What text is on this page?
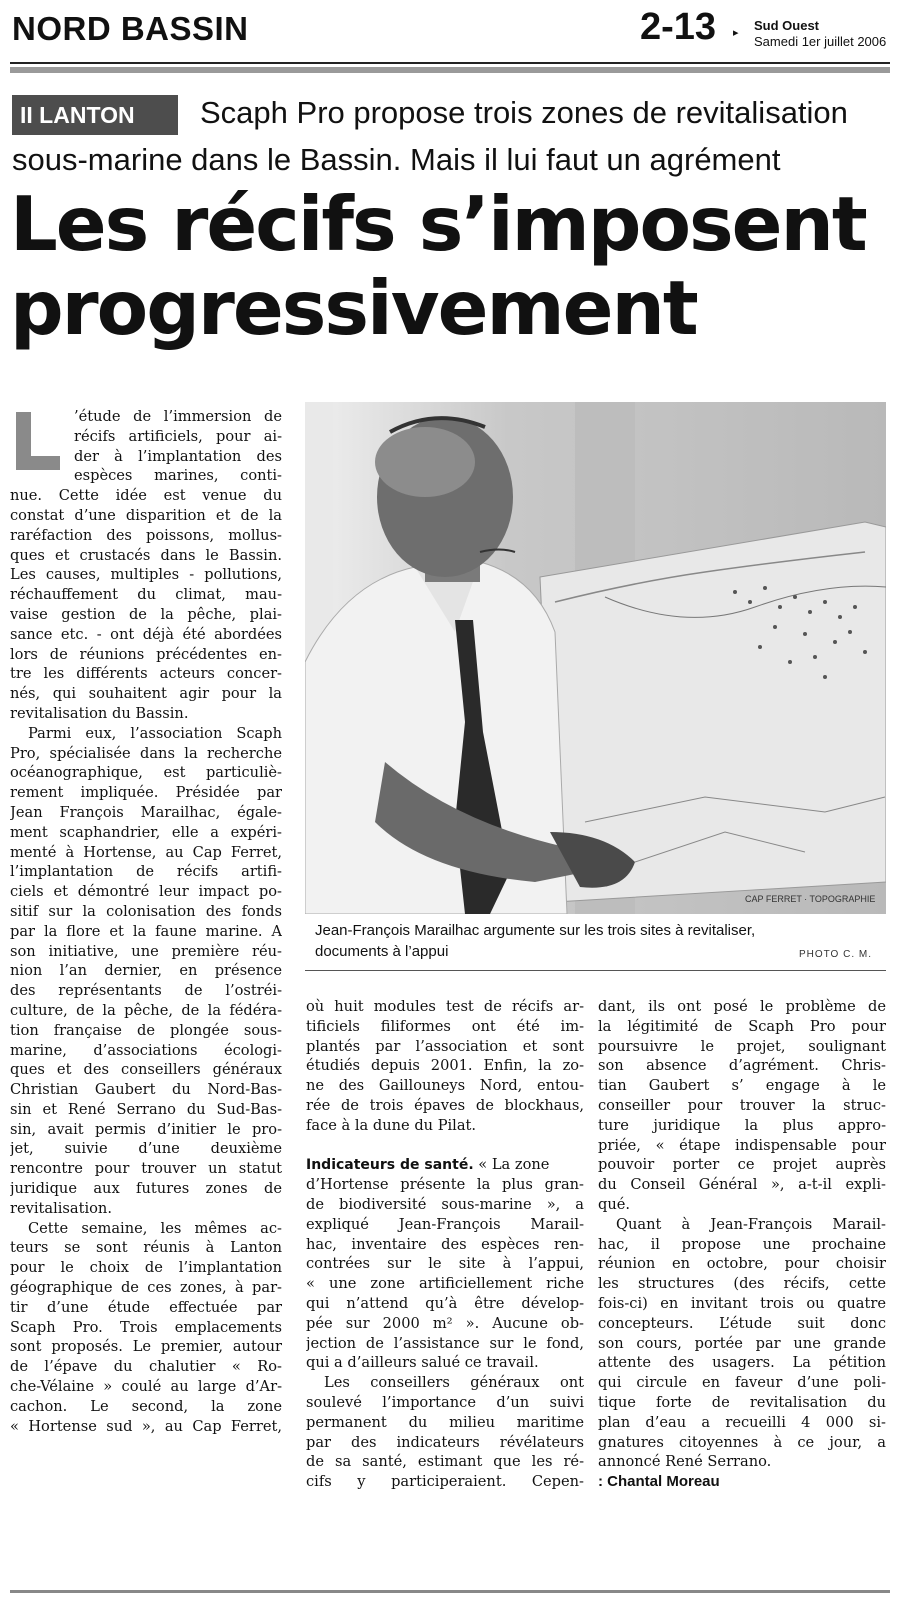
NORD BASSIN	2-13 ▸ Sud Ouest
Samedi 1er juillet 2006
II LANTON	Scaph Pro propose trois zones de revitalisation
sous-marine dans le Bassin. Mais il lui faut un agrément
Les récifs s’imposent
progressivement
’étude de l’immersion de
récifs artificiels, pour ai-
der à l’implantation des
espèces marines, conti-
nue. Cette idée est venue du
constat d’une disparition et de la
raréfaction des poissons, mollus-
ques et crustacés dans le Bassin.
Les causes, multiples - pollutions,
réchauffement du climat, mau-
vaise gestion de la pêche, plai-
sance etc. - ont déjà été abordées
lors de réunions précédentes en-
tre les différents acteurs concer-
nés, qui souhaitent agir pour la
revitalisation du Bassin.
Parmi eux, l’association Scaph
Pro, spécialisée dans la recherche
océanographique, est particuliè-
rement impliquée. Présidée par
Jean François Marailhac, égale-
ment scaphandrier, elle a expéri-
menté à Hortense, au Cap Ferret,
l’implantation de récifs artifi-
ciels et démontré leur impact po-
sitif sur la colonisation des fonds
par la flore et la faune marine. A
son initiative, une première réu-
nion l’an dernier, en présence
des représentants de l’ostréi-
culture, de la pêche, de la fédéra-
tion française de plongée sous-
marine, d’associations écologi-
ques et des conseillers généraux
Christian Gaubert du Nord-Bas-
sin et René Serrano du Sud-Bas-
sin, avait permis d’initier le pro-
jet, suivie d’une deuxième
rencontre pour trouver un statut
juridique aux futures zones de
revitalisation.
Cette semaine, les mêmes ac-
teurs se sont réunis à Lanton
pour le choix de l’implantation
géographique de ces zones, à par-
tir d’une étude effectuée par
Scaph Pro. Trois emplacements
sont proposés. Le premier, autour
de l’épave du chalutier « Ro-
che-Vélaine » coulé au large d’Ar-
cachon. Le second, la zone
« Hortense sud », au Cap Ferret,
CAP FERRET · TOPOGRAPHIE
Jean-François Marailhac argumente sur les trois sites à revitaliser,
documents à l’appui	PHOTO C. M.
où huit modules test de récifs ar-
tificiels filiformes ont été im-
plantés par l’association et sont
étudiés depuis 2001. Enfin, la zo-
ne des Gaillouneys Nord, entou-
rée de trois épaves de blockhaus,
face à la dune du Pilat.
Indicateurs de santé. « La zone
d’Hortense présente la plus gran-
de biodiversité sous-marine », a
expliqué Jean-François Marail-
hac, inventaire des espèces ren-
contrées sur le site à l’appui,
« une zone artificiellement riche
qui n’attend qu’à être dévelop-
pée sur 2000 m² ». Aucune ob-
jection de l’assistance sur le fond,
qui a d’ailleurs salué ce travail.
Les conseillers généraux ont
soulevé l’importance d’un suivi
permanent du milieu maritime
par des indicateurs révélateurs
de sa santé, estimant que les ré-
cifs y participeraient. Cepen-
dant, ils ont posé le problème de
la légitimité de Scaph Pro pour
poursuivre le projet, soulignant
son absence d’agrément. Chris-
tian Gaubert s’ engage à le
conseiller pour trouver la struc-
ture juridique la plus appro-
priée, « étape indispensable pour
pouvoir porter ce projet auprès
du Conseil Général », a-t-il expli-
qué.
Quant à Jean-François Marail-
hac, il propose une prochaine
réunion en octobre, pour choisir
les structures (des récifs, cette
fois-ci) en invitant trois ou quatre
concepteurs. L’étude suit donc
son cours, portée par une grande
attente des usagers. La pétition
qui circule en faveur d’une poli-
tique forte de revitalisation du
plan d’eau a recueilli 4 000 si-
gnatures citoyennes à ce jour, a
annoncé René Serrano.
: Chantal Moreau
